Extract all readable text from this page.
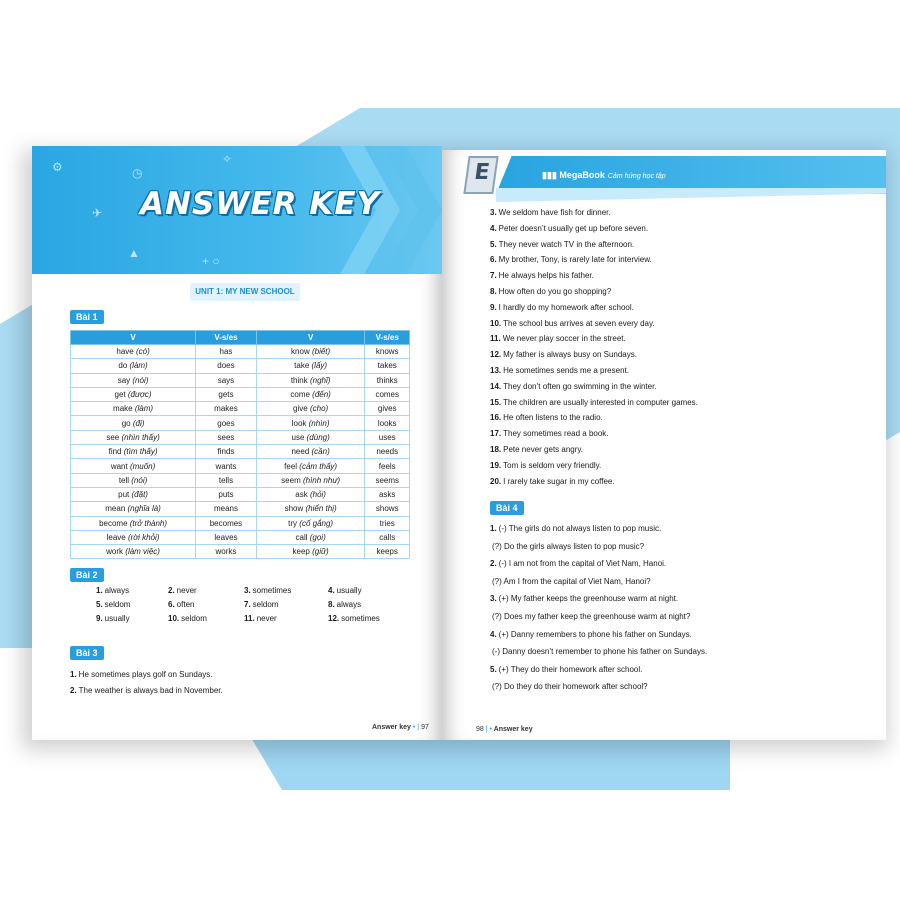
⚙	◷
✈
▲
+ ○
✧
ANSWER KEY
UNIT 1: MY NEW SCHOOL
Bài 1
V	V-s/es	V	V-s/es
have (có)	has	know (biết)	knows
do (làm)	does	take (lấy)	takes
say (nói)	says	think (nghĩ)	thinks
get (được)	gets	come (đến)	comes
make (làm)	makes	give (cho)	gives
go (đi)	goes	look (nhìn)	looks
see (nhìn thấy)	sees	use (dùng)	uses
find (tìm thấy)	finds	need (cần)	needs
want (muốn)	wants	feel (cảm thấy)	feels
tell (nói)	tells	seem (hình như)	seems
put (đặt)	puts	ask (hỏi)	asks
mean (nghĩa là)	means	show (hiển thị)	shows
become (trở thành)	becomes	try (cố gắng)	tries
leave (rời khỏi)	leaves	call (gọi)	calls
work (làm việc)	works	keep (giữ)	keeps
Bài 2
1. always	2. never	3. sometimes	4. usually
5. seldom	6. often	7. seldom	8. always
9. usually	10. seldom	11. never	12. sometimes
Bài 3
1. He sometimes plays golf on Sundays.
2. The weather is always bad in November.
Answer key • | 97
E	▮▮▮ MegaBook Cảm hứng học tập
3. We seldom have fish for dinner.
4. Peter doesn’t usually get up before seven.
5. They never watch TV in the afternoon.
6. My brother, Tony, is rarely late for interview.
7. He always helps his father.
8. How often do you go shopping?
9. I hardly do my homework after school.
10. The school bus arrives at seven every day.
11. We never play soccer in the street.
12. My father is always busy on Sundays.
13. He sometimes sends me a present.
14. They don’t often go swimming in the winter.
15. The children are usually interested in computer games.
16. He often listens to the radio.
17. They sometimes read a book.
18. Pete never gets angry.
19. Tom is seldom very friendly.
20. I rarely take sugar in my coffee.
Bài 4
1. (-) The girls do not always listen to pop music.
(?) Do the girls always listen to pop music?
2. (-) I am not from the capital of Viet Nam, Hanoi.
(?) Am I from the capital of Viet Nam, Hanoi?
3. (+) My father keeps the greenhouse warm at night.
(?) Does my father keep the greenhouse warm at night?
4. (+) Danny remembers to phone his father on Sundays.
(-) Danny doesn’t remember to phone his father on Sundays.
5. (+) They do their homework after school.
(?) Do they do their homework after school?
98 | • Answer key
